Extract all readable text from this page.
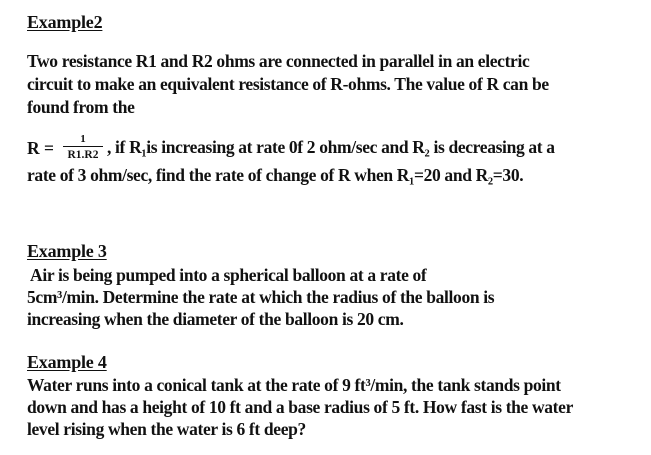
Example2
Two resistance R1 and R2 ohms are connected in parallel in an electric
circuit to make an equivalent resistance of R-ohms. The value of R can be
found from the
R =	1
R1.R2 , if R₁is increasing at rate 0f 2 ohm/sec and R₂ is decreasing at a
rate of 3 ohm/sec, find the rate of change of R when R₁=20 and R₂=30.
Example 3
Air is being pumped into a spherical balloon at a rate of
5cm³/min. Determine the rate at which the radius of the balloon is
increasing when the diameter of the balloon is 20 cm.
Example 4
Water runs into a conical tank at the rate of 9 ft³/min, the tank stands point
down and has a height of 10 ft and a base radius of 5 ft. How fast is the water
level rising when the water is 6 ft deep?
